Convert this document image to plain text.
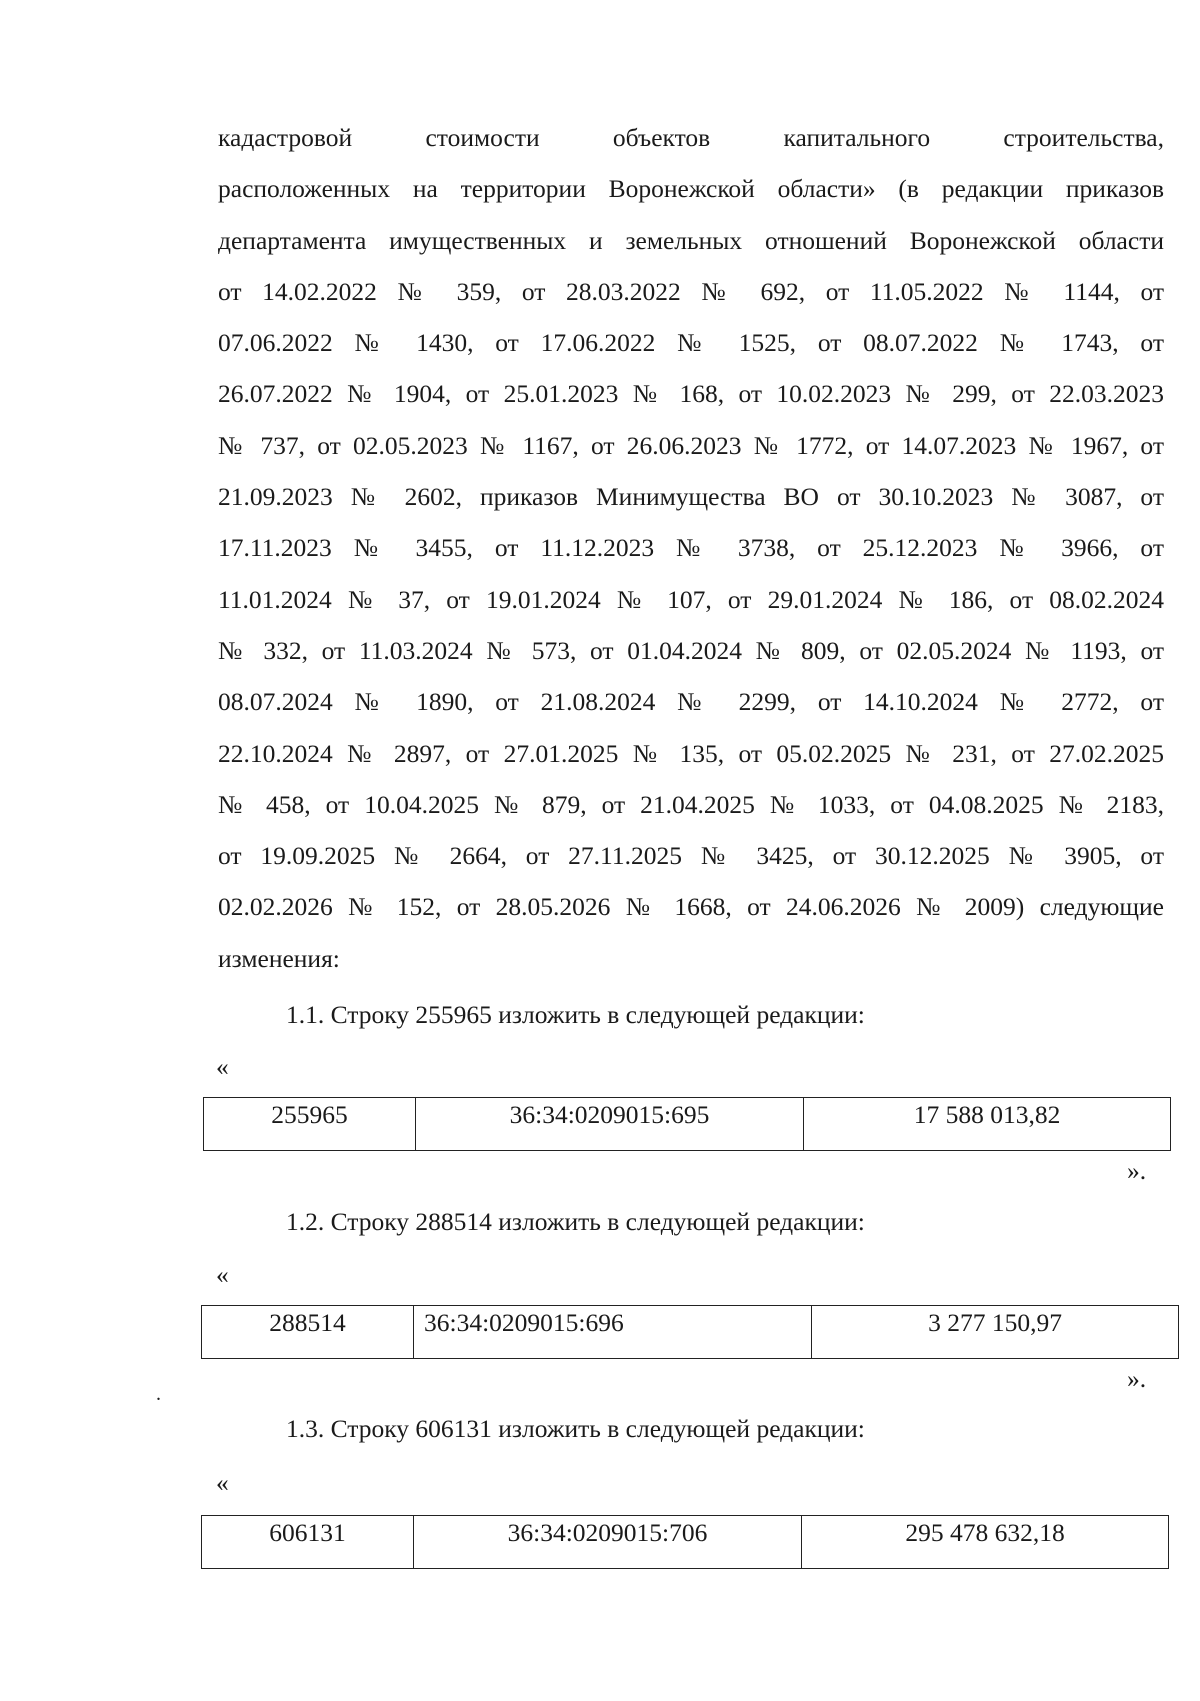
кадастровой стоимости объектов капитального строительства,
расположенных на территории Воронежской области» (в редакции приказов
департамента имущественных и земельных отношений Воронежской области
от 14.02.2022 № 359, от 28.03.2022 № 692, от 11.05.2022 № 1144, от
07.06.2022 № 1430, от 17.06.2022 № 1525, от 08.07.2022 № 1743, от
26.07.2022 № 1904, от 25.01.2023 № 168, от 10.02.2023 № 299, от 22.03.2023
№ 737, от 02.05.2023 № 1167, от 26.06.2023 № 1772, от 14.07.2023 № 1967, от
21.09.2023 № 2602, приказов Минимущества ВО от 30.10.2023 № 3087, от
17.11.2023 № 3455, от 11.12.2023 № 3738, от 25.12.2023 № 3966, от
11.01.2024 № 37, от 19.01.2024 № 107, от 29.01.2024 № 186, от 08.02.2024
№ 332, от 11.03.2024 № 573, от 01.04.2024 № 809, от 02.05.2024 № 1193, от
08.07.2024 № 1890, от 21.08.2024 № 2299, от 14.10.2024 № 2772, от
22.10.2024 № 2897, от 27.01.2025 № 135, от 05.02.2025 № 231, от 27.02.2025
№ 458, от 10.04.2025 № 879, от 21.04.2025 № 1033, от 04.08.2025 № 2183,
от 19.09.2025 № 2664, от 27.11.2025 № 3425, от 30.12.2025 № 3905, от
02.02.2026 № 152, от 28.05.2026 № 1668, от 24.06.2026 № 2009) следующие
изменения:
1.1. Строку 255965 изложить в следующей редакции:
«
255965	36:34:0209015:695	17 588 013,82
».
1.2. Строку 288514 изложить в следующей редакции:
«
288514	36:34:0209015:696	3 277 150,97
.
».
1.3. Строку 606131 изложить в следующей редакции:
«
606131	36:34:0209015:706	295 478 632,18
